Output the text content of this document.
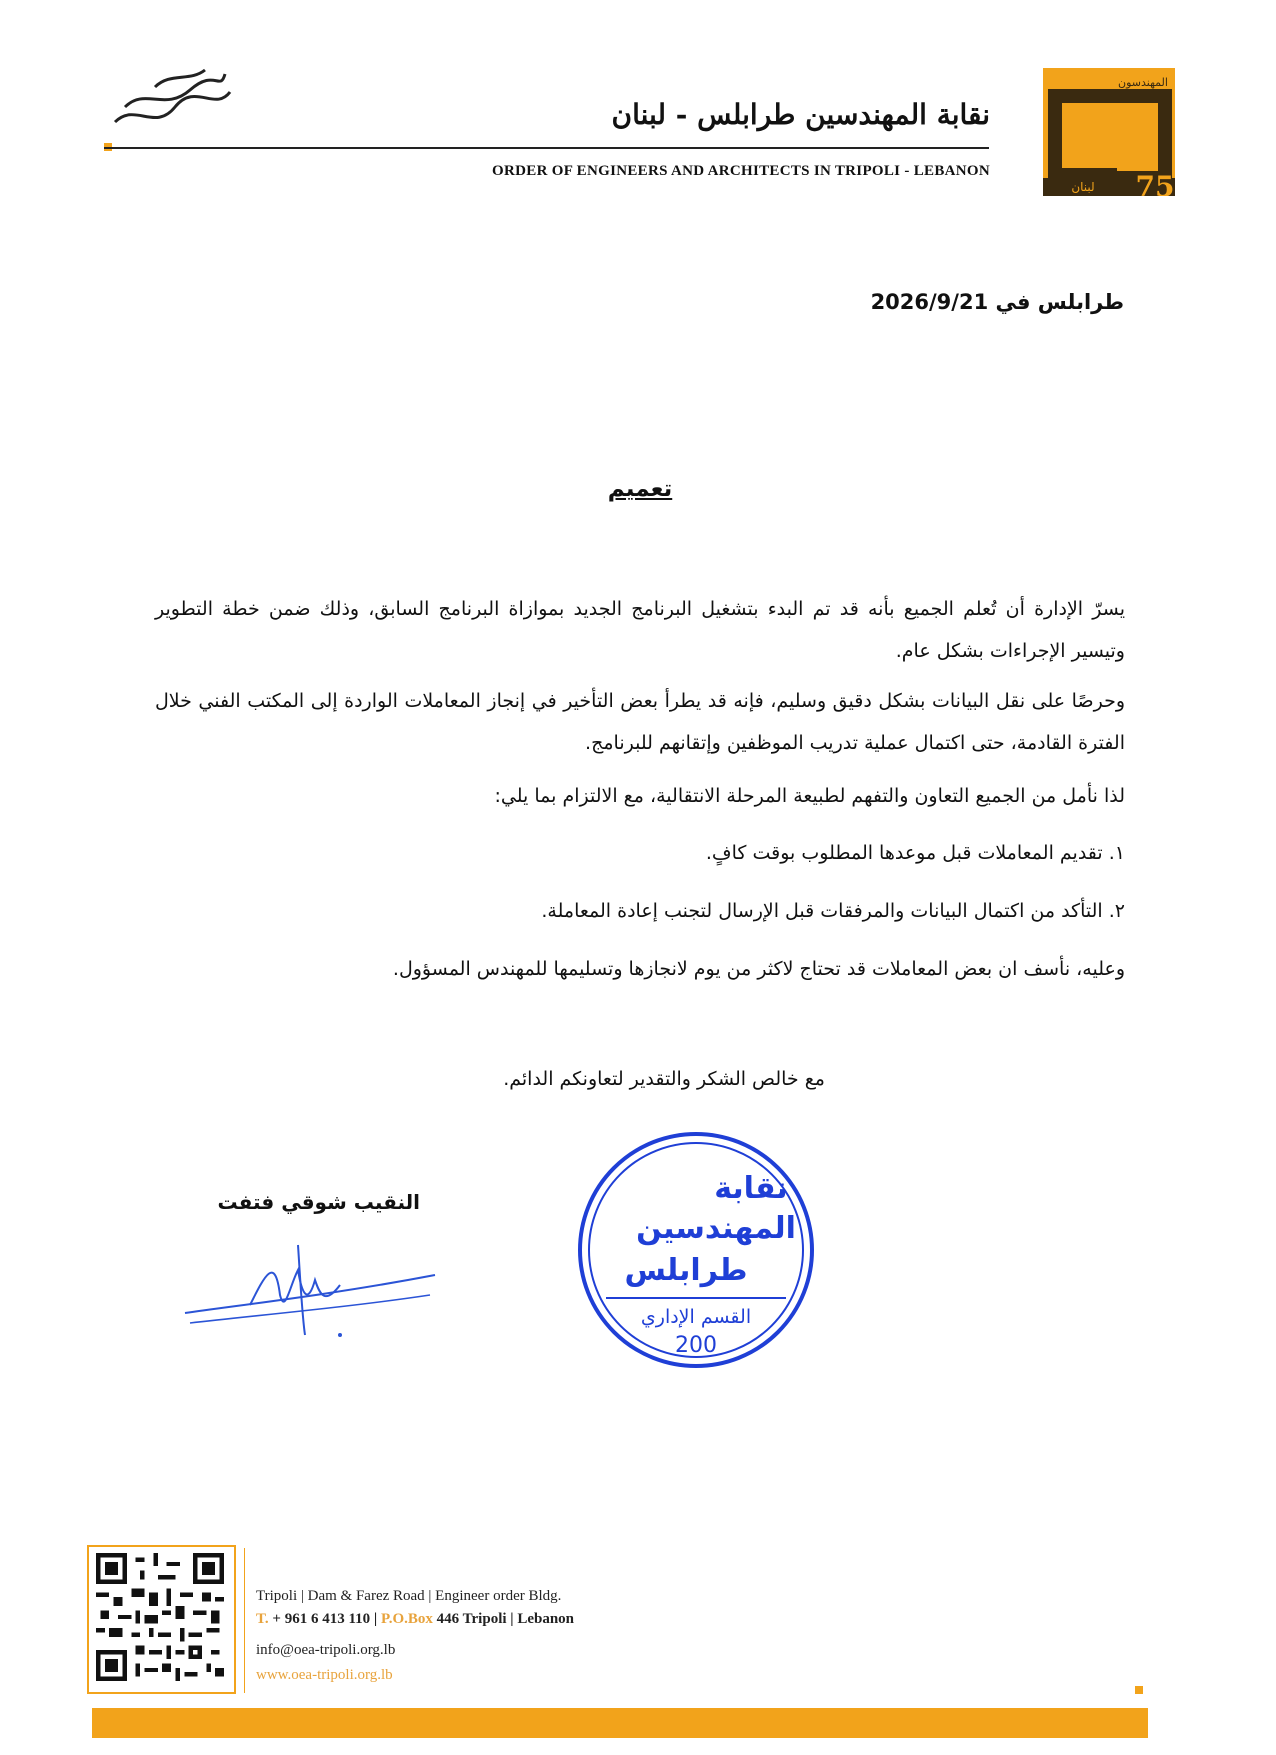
نقابة المهندسين طرابلس	نقابة المهندسين طرابلس - لبنان
ORDER OF ENGINEERS AND ARCHITECTS IN TRIPOLI - LEBANON
المهندسون
لبنان 75
طرابلس في 2026/9/21
تعميم
يسرّ الإدارة أن تُعلم الجميع بأنه قد تم البدء بتشغيل البرنامج الجديد بموازاة البرنامج السابق، وذلك ضمن خطة التطوير وتيسير الإجراءات بشكل عام.
وحرصًا على نقل البيانات بشكل دقيق وسليم، فإنه قد يطرأ بعض التأخير في إنجاز المعاملات الواردة إلى المكتب الفني خلال الفترة القادمة، حتى اكتمال عملية تدريب الموظفين وإتقانهم للبرنامج.
لذا نأمل من الجميع التعاون والتفهم لطبيعة المرحلة الانتقالية، مع الالتزام بما يلي:
١. تقديم المعاملات قبل موعدها المطلوب بوقت كافٍ.
٢. التأكد من اكتمال البيانات والمرفقات قبل الإرسال لتجنب إعادة المعاملة.
وعليه، نأسف ان بعض المعاملات قد تحتاج لاكثر من يوم لانجازها وتسليمها للمهندس المسؤول.
مع خالص الشكر والتقدير لتعاونكم الدائم.
النقيب شوقي فتفت	نقابة
المهندسين
طرابلس
القسم الإداري
200
Tripoli | Dam & Farez Road | Engineer order Bldg.
T. + 961 6 413 110 | P.O.Box 446 Tripoli | Lebanon
info@oea-tripoli.org.lb
www.oea-tripoli.org.lb
